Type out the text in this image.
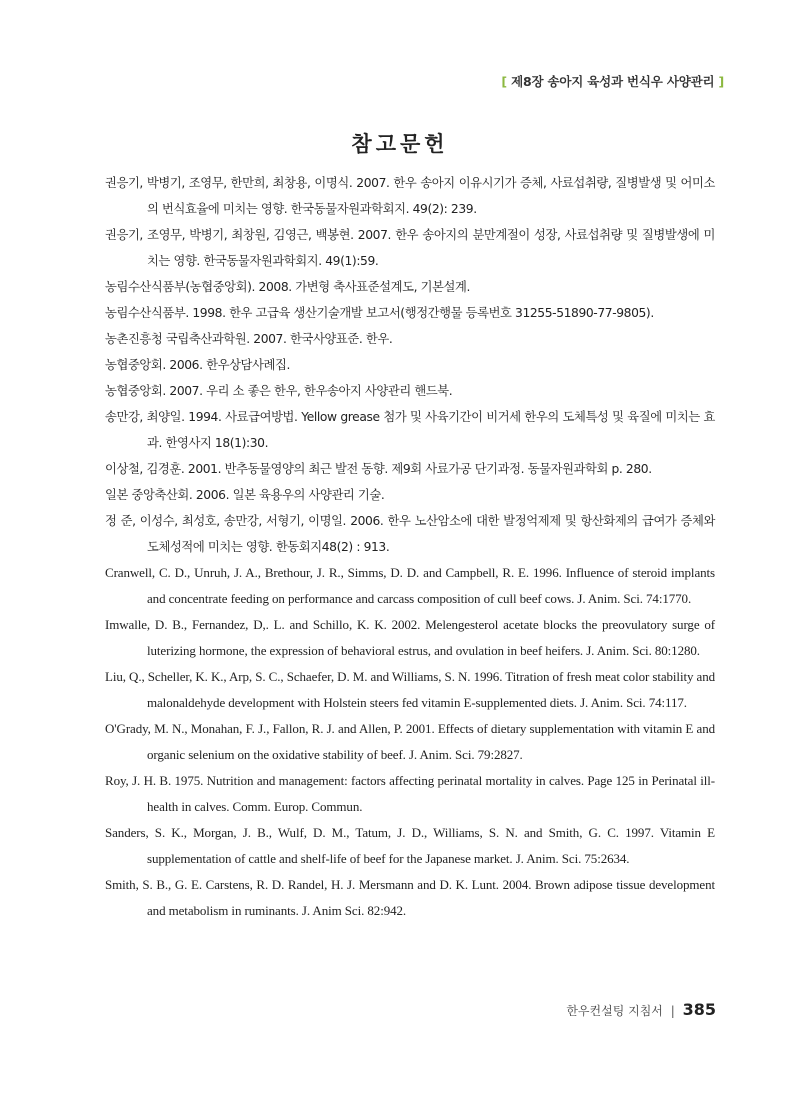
[ 제8장 송아지 육성과 번식우 사양관리 ]
참고문헌
권응기, 박병기, 조영무, 한만희, 최창용, 이명식. 2007. 한우 송아지 이유시기가 증체, 사료섭취량, 질병발생 및 어미소의 번식효율에 미치는 영향. 한국동물자원과학회지. 49(2): 239.
권응기, 조영무, 박병기, 최창원, 김영근, 백봉현. 2007. 한우 송아지의 분만계절이 성장, 사료섭취량 및 질병발생에 미치는 영향. 한국동물자원과학회지. 49(1):59.
농림수산식품부(농협중앙회). 2008. 가변형 축사표준설계도, 기본설계.
농림수산식품부. 1998. 한우 고급육 생산기술개발 보고서(행정간행물 등록번호 31255-51890-77-9805).
농촌진흥청 국립축산과학원. 2007. 한국사양표준. 한우.
농협중앙회. 2006. 한우상담사례집.
농협중앙회. 2007. 우리 소 좋은 한우, 한우송아지 사양관리 핸드북.
송만강, 최양일. 1994. 사료급여방법. Yellow grease 첨가 및 사육기간이 비거세 한우의 도체특성 및 육질에 미치는 효과. 한영사지 18(1):30.
이상철, 김경훈. 2001. 반추동물영양의 최근 발전 동향. 제9회 사료가공 단기과정. 동물자원과학회 p. 280.
일본 중앙축산회. 2006. 일본 육용우의 사양관리 기술.
정 준, 이성수, 최성호, 송만강, 서형기, 이명일. 2006. 한우 노산암소에 대한 발정억제제 및 항산화제의 급여가 증체와 도체성적에 미치는 영향. 한동회지48(2) : 913.
Cranwell, C. D., Unruh, J. A., Brethour, J. R., Simms, D. D. and Campbell, R. E. 1996. Influence of steroid implants and concentrate feeding on performance and carcass composition of cull beef cows. J. Anim. Sci. 74:1770.
Imwalle, D. B., Fernandez, D,. L. and Schillo, K. K. 2002. Melengesterol acetate blocks the preovulatory surge of luterizing hormone, the expression of behavioral estrus, and ovulation in beef heifers. J. Anim. Sci. 80:1280.
Liu, Q., Scheller, K. K., Arp, S. C., Schaefer, D. M. and Williams, S. N. 1996. Titration of fresh meat color stability and malonaldehyde development with Holstein steers fed vitamin E-supplemented diets. J. Anim. Sci. 74:117.
O'Grady, M. N., Monahan, F. J., Fallon, R. J. and Allen, P. 2001. Effects of dietary supplementation with vitamin E and organic selenium on the oxidative stability of beef. J. Anim. Sci. 79:2827.
Roy, J. H. B. 1975. Nutrition and management: factors affecting perinatal mortality in calves. Page 125 in Perinatal ill-health in calves. Comm. Europ. Commun.
Sanders, S. K., Morgan, J. B., Wulf, D. M., Tatum, J. D., Williams, S. N. and Smith, G. C. 1997. Vitamin E supplementation of cattle and shelf-life of beef for the Japanese market. J. Anim. Sci. 75:2634.
Smith, S. B., G. E. Carstens, R. D. Randel, H. J. Mersmann and D. K. Lunt. 2004. Brown adipose tissue development and metabolism in ruminants. J. Anim Sci. 82:942.
한우컨설팅 지침서 | 385
